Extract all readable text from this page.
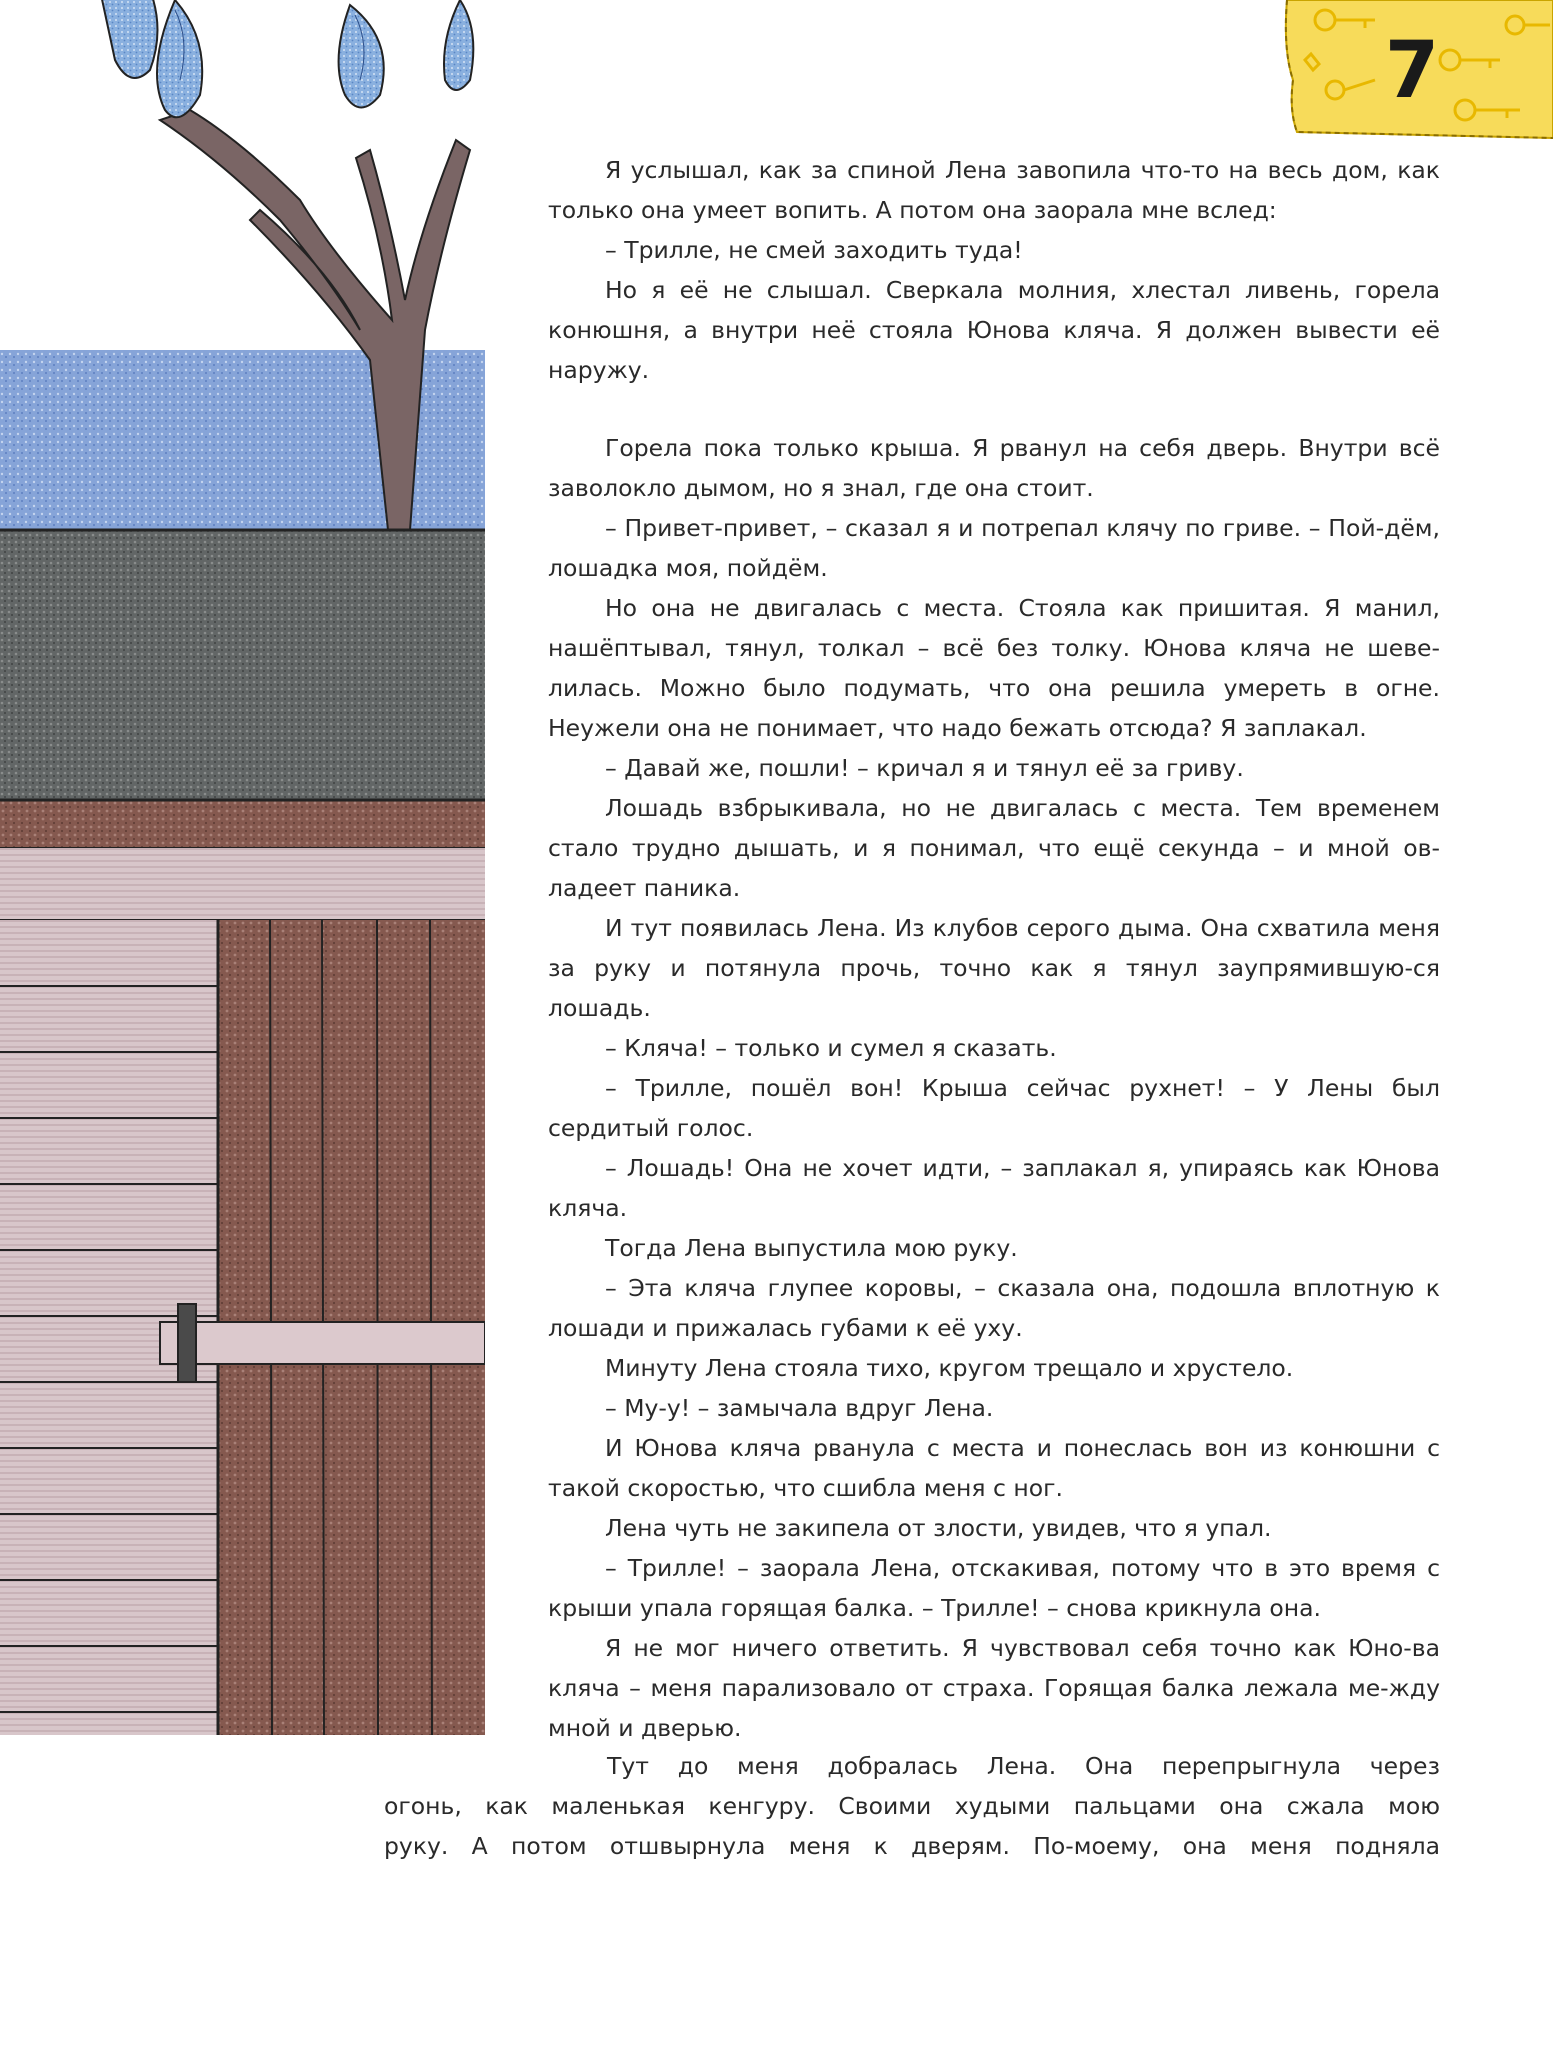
7

Я услышал, как за спиной Лена завопила что-то на весь дом, как только она умеет вопить. А потом она заорала мне вслед:

– Трилле, не смей заходить туда!

Но я её не слышал. Сверкала молния, хлестал ливень, горела конюшня, а внутри неё стояла Юнова кляча. Я должен вывести её наружу.

Горела пока только крыша. Я рванул на себя дверь. Внутри всё заволокло дымом, но я знал, где она стоит.

– Привет-привет, – сказал я и потрепал клячу по гриве. – Пой-дём, лошадка моя, пойдём.

Но она не двигалась с места. Стояла как пришитая. Я манил, нашёптывал, тянул, толкал – всё без толку. Юнова кляча не шеве-лилась. Можно было подумать, что она решила умереть в огне. Неужели она не понимает, что надо бежать отсюда? Я заплакал.

– Давай же, пошли! – кричал я и тянул её за гриву.

Лошадь взбрыкивала, но не двигалась с места. Тем временем стало трудно дышать, и я понимал, что ещё секунда – и мной ов-ладеет паника.

И тут появилась Лена. Из клубов серого дыма. Она схватила меня за руку и потянула прочь, точно как я тянул заупрямившую-ся лошадь.

– Кляча! – только и сумел я сказать.

– Трилле, пошёл вон! Крыша сейчас рухнет! – У Лены был сердитый голос.

– Лошадь! Она не хочет идти, – заплакал я, упираясь как Юнова кляча.

Тогда Лена выпустила мою руку.

– Эта кляча глупее коровы, – сказала она, подошла вплотную к лошади и прижалась губами к её уху.

Минуту Лена стояла тихо, кругом трещало и хрустело.

– Му-у! – замычала вдруг Лена.

И Юнова кляча рванула с места и понеслась вон из конюшни с такой скоростью, что сшибла меня с ног.

Лена чуть не закипела от злости, увидев, что я упал.

– Трилле! – заорала Лена, отскакивая, потому что в это время с крыши упала горящая балка. – Трилле! – снова крикнула она.

Я не мог ничего ответить. Я чувствовал себя точно как Юно-ва кляча – меня парализовало от страха. Горящая балка лежала ме-жду мной и дверью.

Тут до меня добралась Лена. Она перепрыгнула через
огонь, как маленькая кенгуру. Своими худыми пальцами она сжала мою
руку. А потом отшвырнула меня к дверям. По-моему, она меня подняла
